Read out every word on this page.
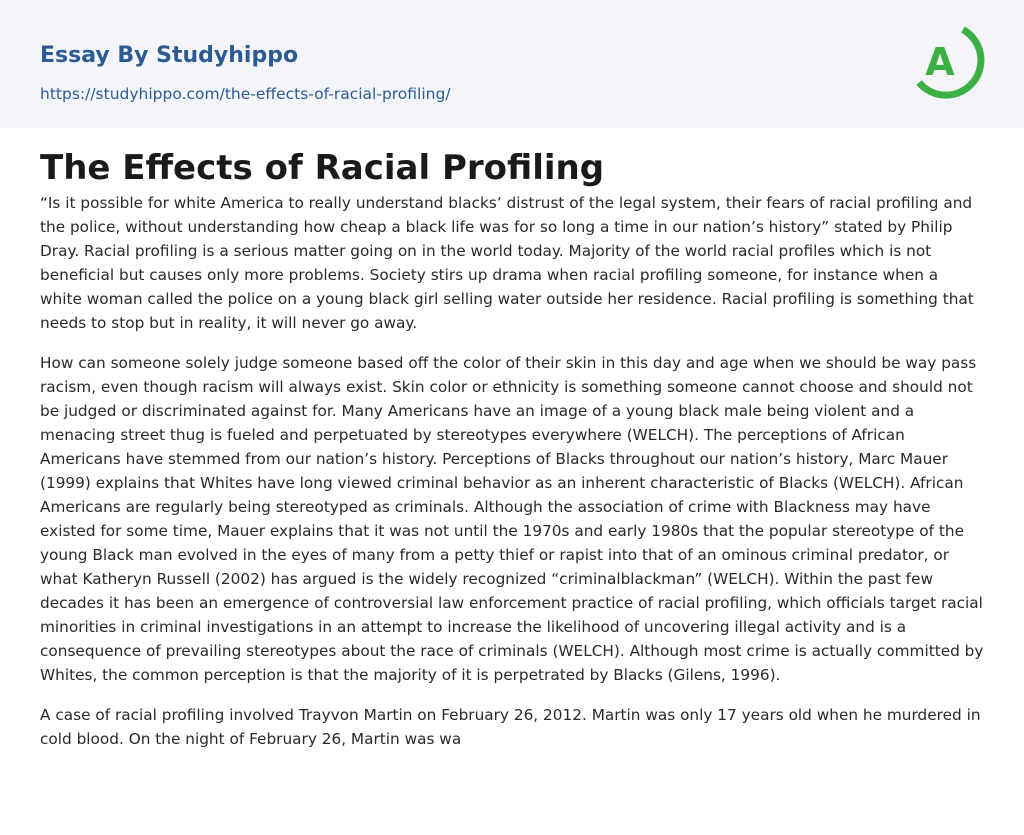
Essay By Studyhippo
https://studyhippo.com/the-effects-of-racial-profiling/
A
The Effects of Racial Profiling

“Is it possible for white America to really understand blacks’ distrust of the legal system, their fears of racial profiling and the police, without understanding how cheap a black life was for so long a time in our nation’s history” stated by Philip Dray. Racial profiling is a serious matter going on in the world today. Majority of the world racial profiles which is not beneficial but causes only more problems. Society stirs up drama when racial profiling someone, for instance when a white woman called the police on a young black girl selling water outside her residence. Racial profiling is something that needs to stop but in reality, it will never go away.

How can someone solely judge someone based off the color of their skin in this day and age when we should be way pass racism, even though racism will always exist. Skin color or ethnicity is something someone cannot choose and should not be judged or discriminated against for. Many Americans have an image of a young black male being violent and a menacing street thug is fueled and perpetuated by stereotypes everywhere (WELCH). The perceptions of African Americans have stemmed from our nation’s history. Perceptions of Blacks throughout our nation’s history, Marc Mauer (1999) explains that Whites have long viewed criminal behavior as an inherent characteristic of Blacks (WELCH). African Americans are regularly being stereotyped as criminals. Although the association of crime with Blackness may have existed for some time, Mauer explains that it was not until the 1970s and early 1980s that the popular stereotype of the young Black man evolved in the eyes of many from a petty thief or rapist into that of an ominous criminal predator, or what Katheryn Russell (2002) has argued is the widely recognized “criminalblackman” (WELCH). Within the past few decades it has been an emergence of controversial law enforcement practice of racial profiling, which officials target racial minorities in criminal investigations in an attempt to increase the likelihood of uncovering illegal activity and is a consequence of prevailing stereotypes about the race of criminals (WELCH). Although most crime is actually committed by Whites, the common perception is that the majority of it is perpetrated by Blacks (Gilens, 1996).

A case of racial profiling involved Trayvon Martin on February 26, 2012. Martin was only 17 years old when he murdered in cold blood. On the night of February 26, Martin was wa
